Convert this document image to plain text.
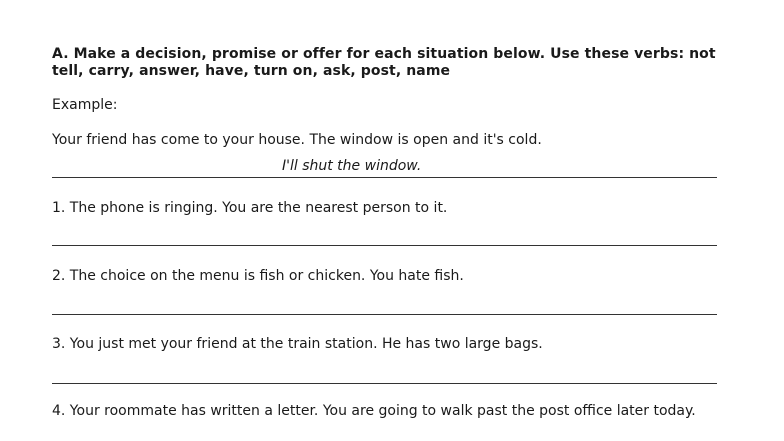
A. Make a decision, promise or offer for each situation below. Use these verbs: not tell, carry, answer, have, turn on, ask, post, name
Example:
Your friend has come to your house. The window is open and it's cold.
I'll shut the window.
1. The phone is ringing. You are the nearest person to it.
2. The choice on the menu is fish or chicken. You hate fish.
3. You just met your friend at the train station. He has two large bags.
4. Your roommate has written a letter. You are going to walk past the post office later today.
